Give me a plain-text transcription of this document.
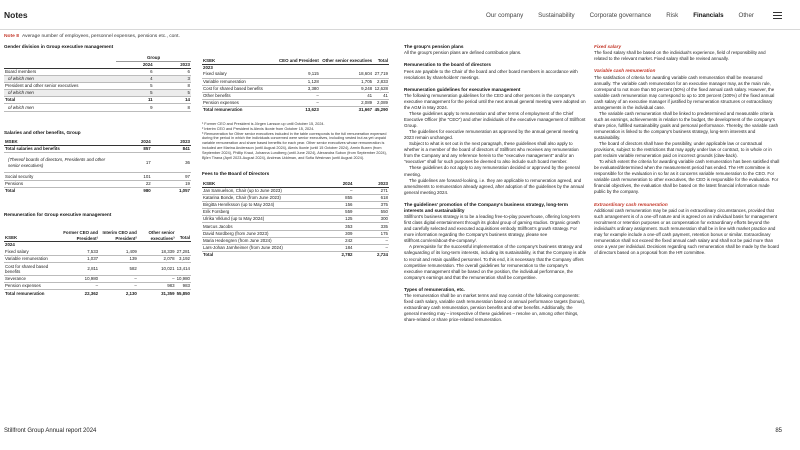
Notes	Our company Sustainability Corporate governance Risk Financials Other
Note 8 Average number of employees, personnel expenses, pensions etc., cont.
Gender division in Group executive management
	Group	
	2024	2023
Board members	6	6
of which men	4	3
President and other senior executives	5	8
of which men	5	5
Total	11	14
of which men	9	8
Salaries and other benefits, Group
MSEK	2024	2023
Total salaries and benefits	857	841
(Thereof boards of directors, Presidents and other senior executives)	17	36
Social security	101	97
Pensions	22	19
Total	980	1,057
Remuneration for Group executive management
KSEK	Former CEO and President¹	Interim CEO and President²	Other senior executives³	Total
2024				
Fixed salary	7,533	1,409	18,339	27,281
Variable remuneration	1,037	139	2,078	3,192
Cost for shared based benefits	2,811	582	10,021	13,414
Severance	10,980	–	–	10,980
Pension expenses	–	–	983	983
Total remuneration	22,362	2,130	31,359	55,850
KSEK	CEO and President	Other senior executives	Total
2023			
Fixed salary	9,115	18,604	27,719
Variable remuneration	1,128	1,705	2,833
Cost for shared based benefits	3,380	9,248	12,628
Other benefits	–	41	41
Pension expenses	–	2,089	2,089
Total remuneration	13,623	31,667	45,290

¹ Former CEO and President is Jörgen Larsson up until October 15, 2024.

² Interim CEO and President is Alexis Ikonie from October 15, 2024.

³ Remuneration for Other senior executives included in the table corresponds to the full remuneration expensed during the period in which the individuals concerned were senior executives, including vested but as yet unpaid variable remuneration and share based benefits for each year. Other senior executives whose remuneration is included are Marina Andersson (until August 2024), Alexis Ikonie (until 15 October 2024), Armin Buxen (from September 2024), Phillip Kraut, Johanna Lundberg (until June 2024), Alexandra Subon (from September 2024), Björn Tirana (April 2023-August 2024), Andreas Uddman, and Sofia Westman (until August 2024).

Fees to the Board of Directors
KSEK	2024	2023
Jan Samuelson, Chair (up to June 2023)	–	271
Katarina Bonde, Chair (from June 2023)	855	618
Birgitta Henriksson (up to May 2024)	156	375
Erik Forsberg	559	550
Ulrika Viklund (up to May 2024)	125	300
Marcus Jacobs	353	335
David Nordberg (from June 2023)	309	175
Maria Hedengren (from June 2024)	242	–
Lars-Johan Jarnheimer (from June 2024)	184	–
Total	2,782	2,724
The group's pension plans

All the group's pension plans are defined contribution plans.

Remuneration to the board of directors

Fees are payable to the Chair of the board and other board members in accordance with resolutions by shareholders' meetings.

Remuneration guidelines for executive management

The following remuneration guidelines for the CEO and other persons in the company's executive management for the period until the next annual general meeting were adopted on the AGM in May 2024.

These guidelines apply to remuneration and other terms of employment of the Chief Executive Officer (the "CEO") and other individuals of the executive management of Stillfront Group.

The guidelines for executive remuneration as approved by the annual general meeting 2023 remain unchanged.

Subject to what is set out in the next paragraph, these guidelines shall also apply to whether is a member of the board of directors of Stillfront who receives any remuneration from the Company and any reference herein to the "executive management" and/or an "executive" shall for such purposes be deemed to also include such board member.

These guidelines do not apply to any remuneration decided or approved by the general meeting.

The guidelines are forward-looking, i.e. they are applicable to remuneration agreed, and amendments to remuneration already agreed, after adoption of the guidelines by the annual general meeting 2024.

The guidelines' promotion of the Company's business strategy, long-term interests and sustainability

Stillfront's business strategy is to be a leading free-to-play powerhouse, offering long-term first class digital entertainment through its global group of gaming studios. Organic growth and carefully selected and executed acquisitions embody Stillfront's growth strategy. For more information regarding the Company's business strategy, please see stillfront.com/en/about-the-company/.

A prerequisite for the successful implementation of the company's business strategy and safeguarding of its long-term interests, including its sustainability, is that the Company is able to recruit and retain qualified personnel. To this end, it is necessary that the Company offers competitive remuneration. The overall guidelines for remuneration to the company's executive management shall be based on the position, the individual performance, the company's earnings and that the remuneration shall be competitive.

Types of remuneration, etc.

The remuneration shall be on market terms and may consist of the following components: fixed cash salary, variable cash remuneration based on annual performance targets (bonus), extraordinary cash remuneration, pension benefits and other benefits. Additionally, the general meeting may – irrespective of these guidelines – resolve on, among other things, share-related or share price-related remuneration.

Fixed salary

The fixed salary shall be based on the individual's experience, field of responsibility and related to the relevant market. Fixed salary shall be revised annually.

Variable cash remuneration

The satisfaction of criteria for awarding variable cash remuneration shall be measured annually. The variable cash remuneration for an executive manager may, as the main rule, correspond to not more than 50 percent (50%) of the fixed annual cash salary. However, the variable cash remuneration may correspond to up to 100 percent (100%) of the fixed annual cash salary of an executive manager if justified by remuneration structures or extraordinary arrangements in the individual case.

The variable cash remuneration shall be linked to predetermined and measurable criteria such as earnings, achievements in relation to the budget, the development of the company's share price, fulfilled sustainability goals and personal performance. Thereby, the variable cash remuneration is linked to the company's business strategy, long-term interests and sustainability.

The board of directors shall have the possibility, under applicable law or contractual provisions, subject to the restrictions that may apply under law or contract, to in whole or in part reclaim variable remuneration paid on incorrect grounds (claw-back).

To which extent the criteria for awarding variable cash remuneration has been satisfied shall be evaluated/determined when the measurement period has ended. The HR committee is responsible for the evaluation in so far as it concerns variable remuneration to the CEO. For variable cash remuneration to other executives, the CEO is responsible for the evaluation. For financial objectives, the evaluation shall be based on the latest financial information made public by the company.

Extraordinary cash remuneration

Additional cash remuneration may be paid out in extraordinary circumstances, provided that such arrangement is of a one-off nature and is agreed on an individual basis for management recruitment or retention purposes or as compensation for extraordinary efforts beyond the individual's ordinary assignment. Such remuneration shall be in line with market practice and may for example include a one-off cash payment, retention bonus or similar. Extraordinary remuneration shall not exceed the fixed annual cash salary and shall not be paid more than once a year per individual. Decisions regarding such remuneration shall be made by the board of directors based on a proposal from the HR committee.

Stillfront Group Annual report 2024	85
